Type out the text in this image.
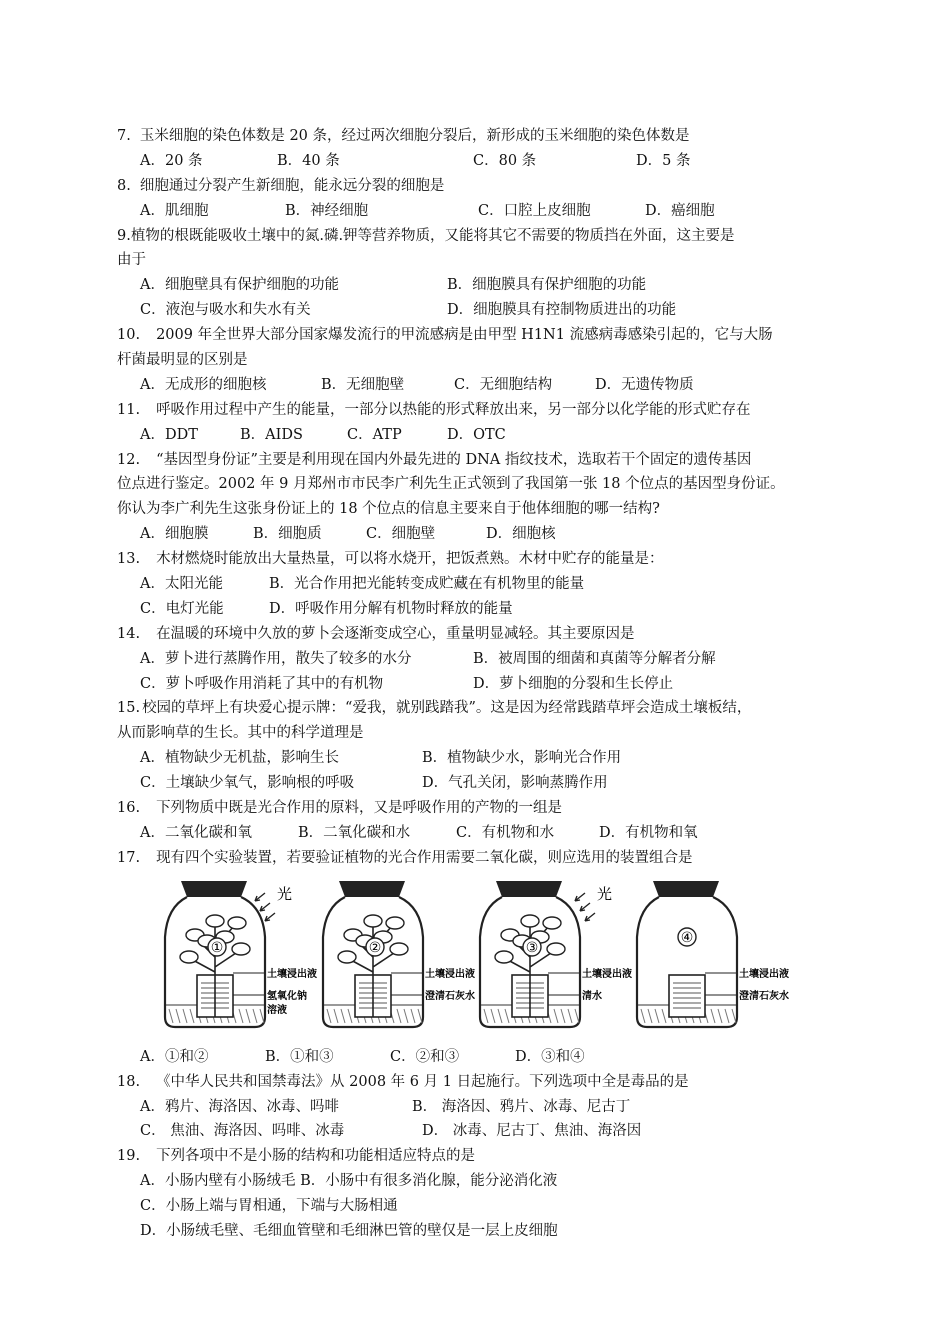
7. 玉米细胞的染色体数是 20 条，经过两次细胞分裂后，新形成的玉米细胞的染色体数是
A．20 条	B．40 条	C．80 条	D．5 条
8. 细胞通过分裂产生新细胞，能永远分裂的细胞是
A．肌细胞	B．神经细胞	C．口腔上皮细胞	D．癌细胞
9.植物的根既能吸收土壤中的氮.磷.钾等营养物质，又能将其它不需要的物质挡在外面，这主要是
由于
A．细胞壁具有保护细胞的功能	B．细胞膜具有保护细胞的功能
C．液泡与吸水和失水有关	D．细胞膜具有控制物质进出的功能
10. 2009 年全世界大部分国家爆发流行的甲流感病是由甲型 H1N1 流感病毒感染引起的，它与大肠
杆菌最明显的区别是
A．无成形的细胞核	B．无细胞壁	C．无细胞结构	D．无遗传物质
11. 呼吸作用过程中产生的能量，一部分以热能的形式释放出来，另一部分以化学能的形式贮存在
A．DDT	B．AIDS	C．ATP	D．OTC
12. “基因型身份证”主要是利用现在国内外最先进的 DNA 指纹技术，选取若干个固定的遗传基因
位点进行鉴定。2002 年 9 月郑州市市民李广利先生正式领到了我国第一张 18 个位点的基因型身份证。
你认为李广利先生这张身份证上的 18 个位点的信息主要来自于他体细胞的哪一结构?
A．细胞膜	B．细胞质	C．细胞壁	D．细胞核
13. 木材燃烧时能放出大量热量，可以将水烧开，把饭煮熟。木材中贮存的能量是：
A．太阳光能	B．光合作用把光能转变成贮藏在有机物里的能量
C．电灯光能	D．呼吸作用分解有机物时释放的能量
14. 在温暖的环境中久放的萝卜会逐渐变成空心，重量明显减轻。其主要原因是
A．萝卜进行蒸腾作用，散失了较多的水分	B．被周围的细菌和真菌等分解者分解
C．萝卜呼吸作用消耗了其中的有机物	D．萝卜细胞的分裂和生长停止
15. 校园的草坪上有块爱心提示牌：“爱我，就别践踏我”。这是因为经常践踏草坪会造成土壤板结，
从而影响草的生长。其中的科学道理是
A．植物缺少无机盐，影响生长	B．植物缺少水，影响光合作用
C．土壤缺少氧气，影响根的呼吸	D．气孔关闭，影响蒸腾作用
16. 下列物质中既是光合作用的原料，又是呼吸作用的产物的一组是
A．二氧化碳和氧	B．二氧化碳和水	C．有机物和水	D．有机物和氧
17. 现有四个实验装置，若要验证植物的光合作用需要二氧化碳，则应选用的装置组合是
①
土壤浸出液
氢氧化钠
溶液
②
土壤浸出液
澄清石灰水
③
土壤浸出液
清水
④
土壤浸出液
澄清石灰水
光	光
A．①和②	B．①和③	C．②和③	D．③和④
18. 《中华人民共和国禁毒法》从 2008 年 6 月 1 日起施行。下列选项中全是毒品的是
A．鸦片、海洛因、冰毒、吗啡	B． 海洛因、鸦片、冰毒、尼古丁
C． 焦油、海洛因、吗啡、冰毒	D． 冰毒、尼古丁、焦油、海洛因
19. 下列各项中不是小肠的结构和功能相适应特点的是
A．小肠内壁有小肠绒毛 B．小肠中有很多消化腺，能分泌消化液
C．小肠上端与胃相通，下端与大肠相通
D．小肠绒毛壁、毛细血管壁和毛细淋巴管的壁仅是一层上皮细胞
